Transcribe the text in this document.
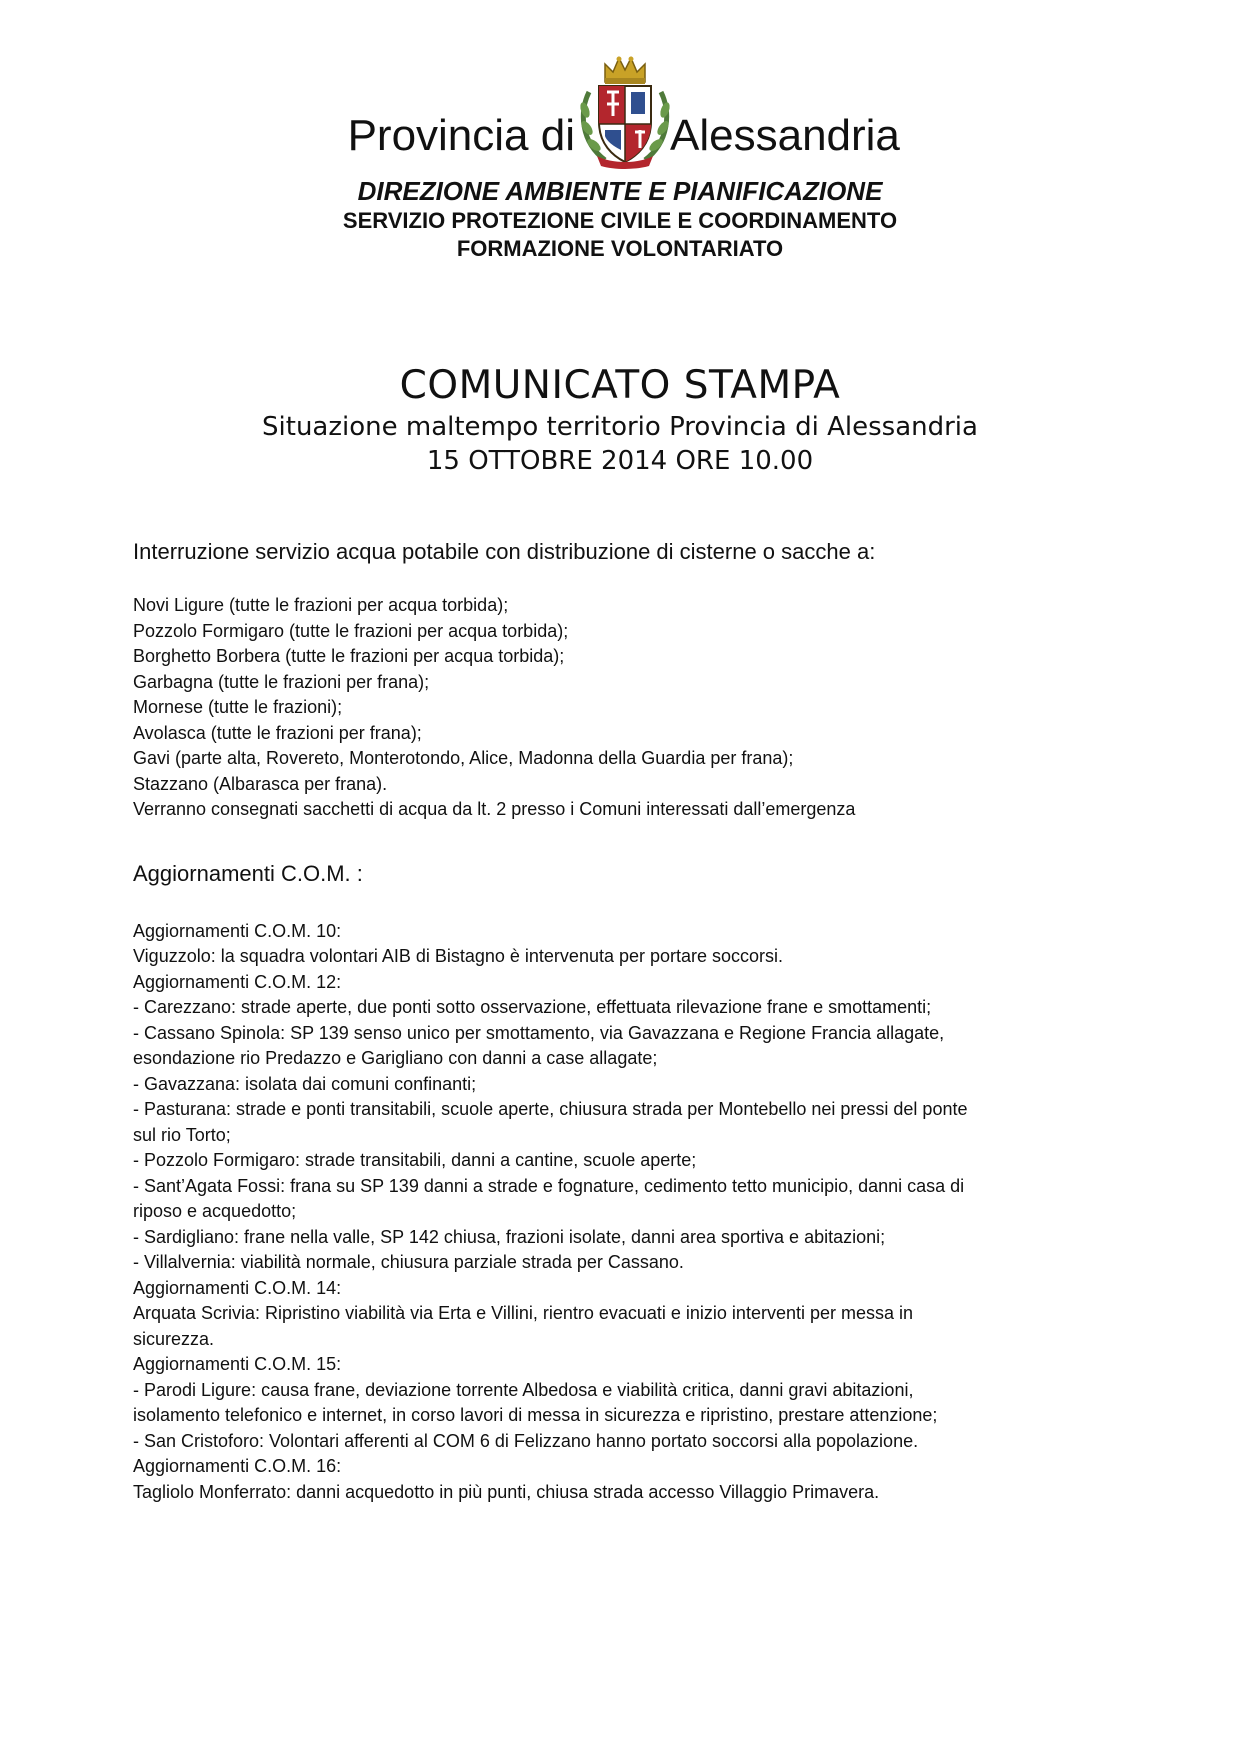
Provincia di Alessandria
DIREZIONE AMBIENTE E PIANIFICAZIONE
SERVIZIO PROTEZIONE CIVILE E COORDINAMENTO
FORMAZIONE VOLONTARIATO
COMUNICATO STAMPA
Situazione maltempo territorio Provincia di Alessandria
15 OTTOBRE 2014 ORE 10.00
Interruzione servizio acqua potabile con distribuzione di cisterne o sacche a:
Novi Ligure (tutte le frazioni per acqua torbida);
Pozzolo Formigaro (tutte le frazioni per acqua torbida);
Borghetto Borbera (tutte le frazioni per acqua torbida);
Garbagna (tutte le frazioni per frana);
Mornese (tutte le frazioni);
Avolasca (tutte le frazioni per frana);
Gavi (parte alta, Rovereto, Monterotondo, Alice, Madonna della Guardia per frana);
Stazzano (Albarasca per frana).
Verranno consegnati sacchetti di acqua da lt. 2 presso i Comuni interessati dall’emergenza
Aggiornamenti C.O.M. :
Aggiornamenti C.O.M. 10:
Viguzzolo: la squadra volontari AIB di Bistagno è intervenuta per portare soccorsi.
Aggiornamenti C.O.M. 12:
- Carezzano: strade aperte, due ponti sotto osservazione, effettuata rilevazione frane e smottamenti;
- Cassano Spinola: SP 139 senso unico per smottamento, via Gavazzana e Regione Francia allagate,
esondazione rio Predazzo e Garigliano con danni a case allagate;
- Gavazzana: isolata dai comuni confinanti;
- Pasturana: strade e ponti transitabili, scuole aperte, chiusura strada per Montebello nei pressi del ponte
sul rio Torto;
- Pozzolo Formigaro: strade transitabili, danni a cantine, scuole aperte;
- Sant’Agata Fossi: frana su SP 139 danni a strade e fognature, cedimento tetto municipio, danni casa di
riposo e acquedotto;
- Sardigliano: frane nella valle, SP 142 chiusa, frazioni isolate, danni area sportiva e abitazioni;
- Villalvernia: viabilità normale, chiusura parziale strada per Cassano.
Aggiornamenti C.O.M. 14:
Arquata Scrivia: Ripristino viabilità via Erta e Villini, rientro evacuati e inizio interventi per messa in
sicurezza.
Aggiornamenti C.O.M. 15:
- Parodi Ligure: causa frane, deviazione torrente Albedosa e viabilità critica, danni gravi abitazioni,
isolamento telefonico e internet, in corso lavori di messa in sicurezza e ripristino, prestare attenzione;
- San Cristoforo: Volontari afferenti al COM 6 di Felizzano hanno portato soccorsi alla popolazione.
Aggiornamenti C.O.M. 16:
Tagliolo Monferrato: danni acquedotto in più punti, chiusa strada accesso Villaggio Primavera.
